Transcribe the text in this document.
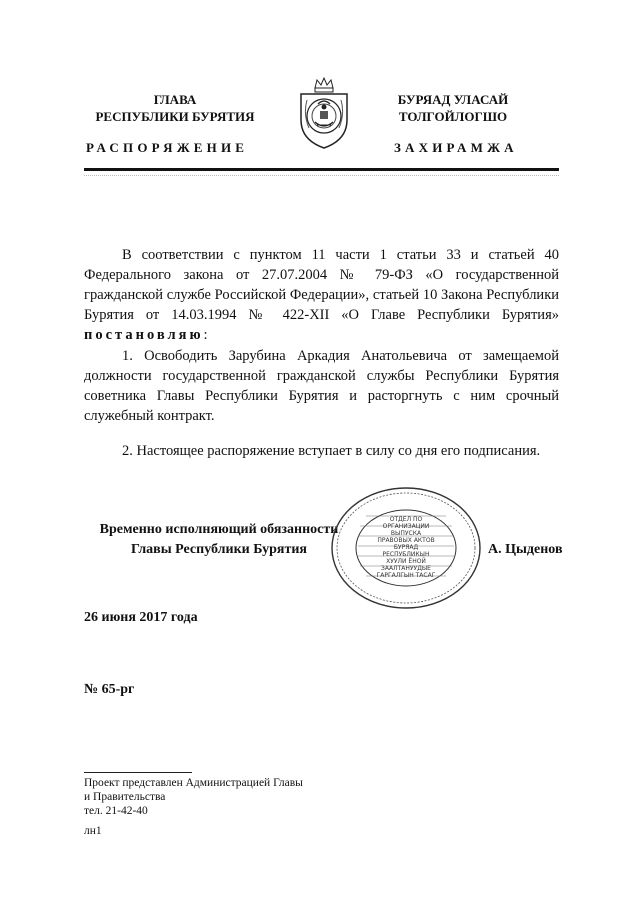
ГЛАВА
РЕСПУБЛИКИ БУРЯТИЯ
РАСПОРЯЖЕНИЕ
БУРЯАД УЛАСАЙ
ТОЛГОЙЛОГШО
ЗАХИРАМЖА

В соответствии с пунктом 11 части 1 статьи 33 и статьей 40 Федерального закона от 27.07.2004 № 79-ФЗ «О государственной гражданской службе Российской Федерации», статьей 10 Закона Республики Бурятия от 14.03.1994 № 422-XII «О Главе Республики Бурятия» постановляю:

1. Освободить Зарубина Аркадия Анатольевича от замещаемой должности государственной гражданской службы Республики Бурятия советника Главы Республики Бурятия и расторгнуть с ним срочный служебный контракт.

2. Настоящее распоряжение вступает в силу со дня его подписания.

Временно исполняющий обязанности
Главы Республики Бурятия
ОТДЕЛ ПО ОРГАНИЗАЦИИ ВЫПУСКА ПРАВОВЫХ АКТОВ БУРЯАД РЕСПУБЛИКЫН ХУУЛИ ЁНОЙ ЗААЛТАНУУДЫЕ ГАРГАЛГЫН ТАСАГ
А. Цыденов
26 июня 2017 года
№ 65-рг
Проект представлен Администрацией Главы
и Правительства
тел. 21-42-40
лн1
